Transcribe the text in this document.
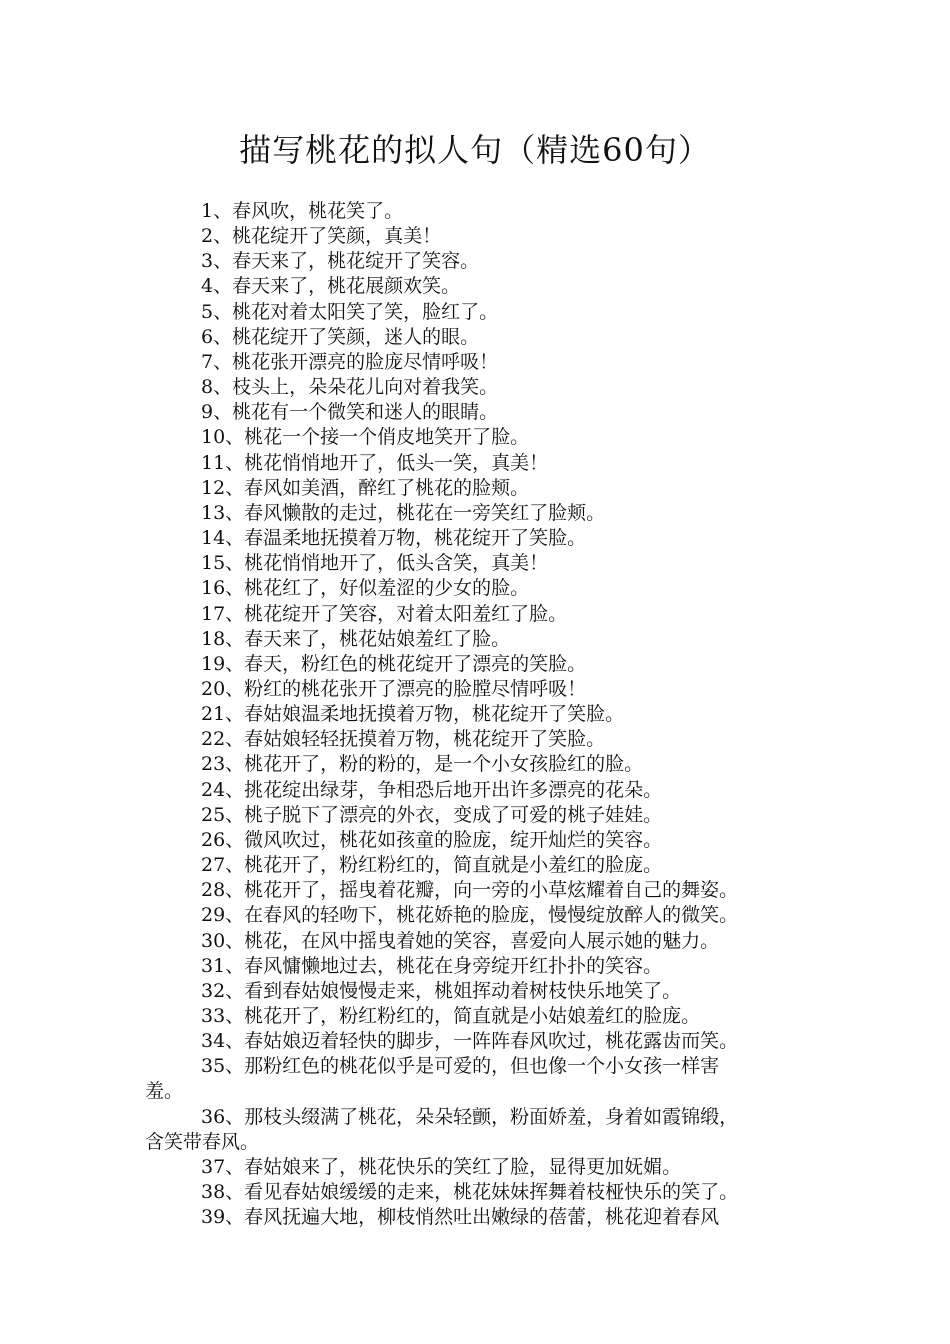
描写桃花的拟人句（精选60句）

1、春风吹，桃花笑了。

2、桃花绽开了笑颜，真美！

3、春天来了，桃花绽开了笑容。

4、春天来了，桃花展颜欢笑。

5、桃花对着太阳笑了笑，脸红了。

6、桃花绽开了笑颜，迷人的眼。

7、桃花张开漂亮的脸庞尽情呼吸！

8、枝头上，朵朵花儿向对着我笑。

9、桃花有一个微笑和迷人的眼睛。

10、桃花一个接一个俏皮地笑开了脸。

11、桃花悄悄地开了，低头一笑，真美！

12、春风如美酒，醉红了桃花的脸颊。

13、春风懒散的走过，桃花在一旁笑红了脸颊。

14、春温柔地抚摸着万物，桃花绽开了笑脸。

15、桃花悄悄地开了，低头含笑，真美！

16、桃花红了，好似羞涩的少女的脸。

17、桃花绽开了笑容，对着太阳羞红了脸。

18、春天来了，桃花姑娘羞红了脸。

19、春天，粉红色的桃花绽开了漂亮的笑脸。

20、粉红的桃花张开了漂亮的脸膛尽情呼吸！

21、春姑娘温柔地抚摸着万物，桃花绽开了笑脸。

22、春姑娘轻轻抚摸着万物，桃花绽开了笑脸。

23、桃花开了，粉的粉的，是一个小女孩脸红的脸。

24、挑花绽出绿芽，争相恐后地开出许多漂亮的花朵。

25、桃子脱下了漂亮的外衣，变成了可爱的桃子娃娃。

26、微风吹过，桃花如孩童的脸庞，绽开灿烂的笑容。

27、桃花开了，粉红粉红的，简直就是小羞红的脸庞。

28、桃花开了，摇曳着花瓣，向一旁的小草炫耀着自己的舞姿。

29、在春风的轻吻下，桃花娇艳的脸庞，慢慢绽放醉人的微笑。

30、桃花，在风中摇曳着她的笑容，喜爱向人展示她的魅力。

31、春风慵懒地过去，桃花在身旁绽开红扑扑的笑容。

32、看到春姑娘慢慢走来，桃姐挥动着树枝快乐地笑了。

33、桃花开了，粉红粉红的，简直就是小姑娘羞红的脸庞。

34、春姑娘迈着轻快的脚步，一阵阵春风吹过，桃花露齿而笑。

35、那粉红色的桃花似乎是可爱的，但也像一个小女孩一样害
羞。

36、那枝头缀满了桃花，朵朵轻颤，粉面娇羞，身着如霞锦缎，
含笑带春风。

37、春姑娘来了，桃花快乐的笑红了脸，显得更加妩媚。

38、看见春姑娘缓缓的走来，桃花妹妹挥舞着枝桠快乐的笑了。

39、春风抚遍大地，柳枝悄然吐出嫩绿的蓓蕾，桃花迎着春风
